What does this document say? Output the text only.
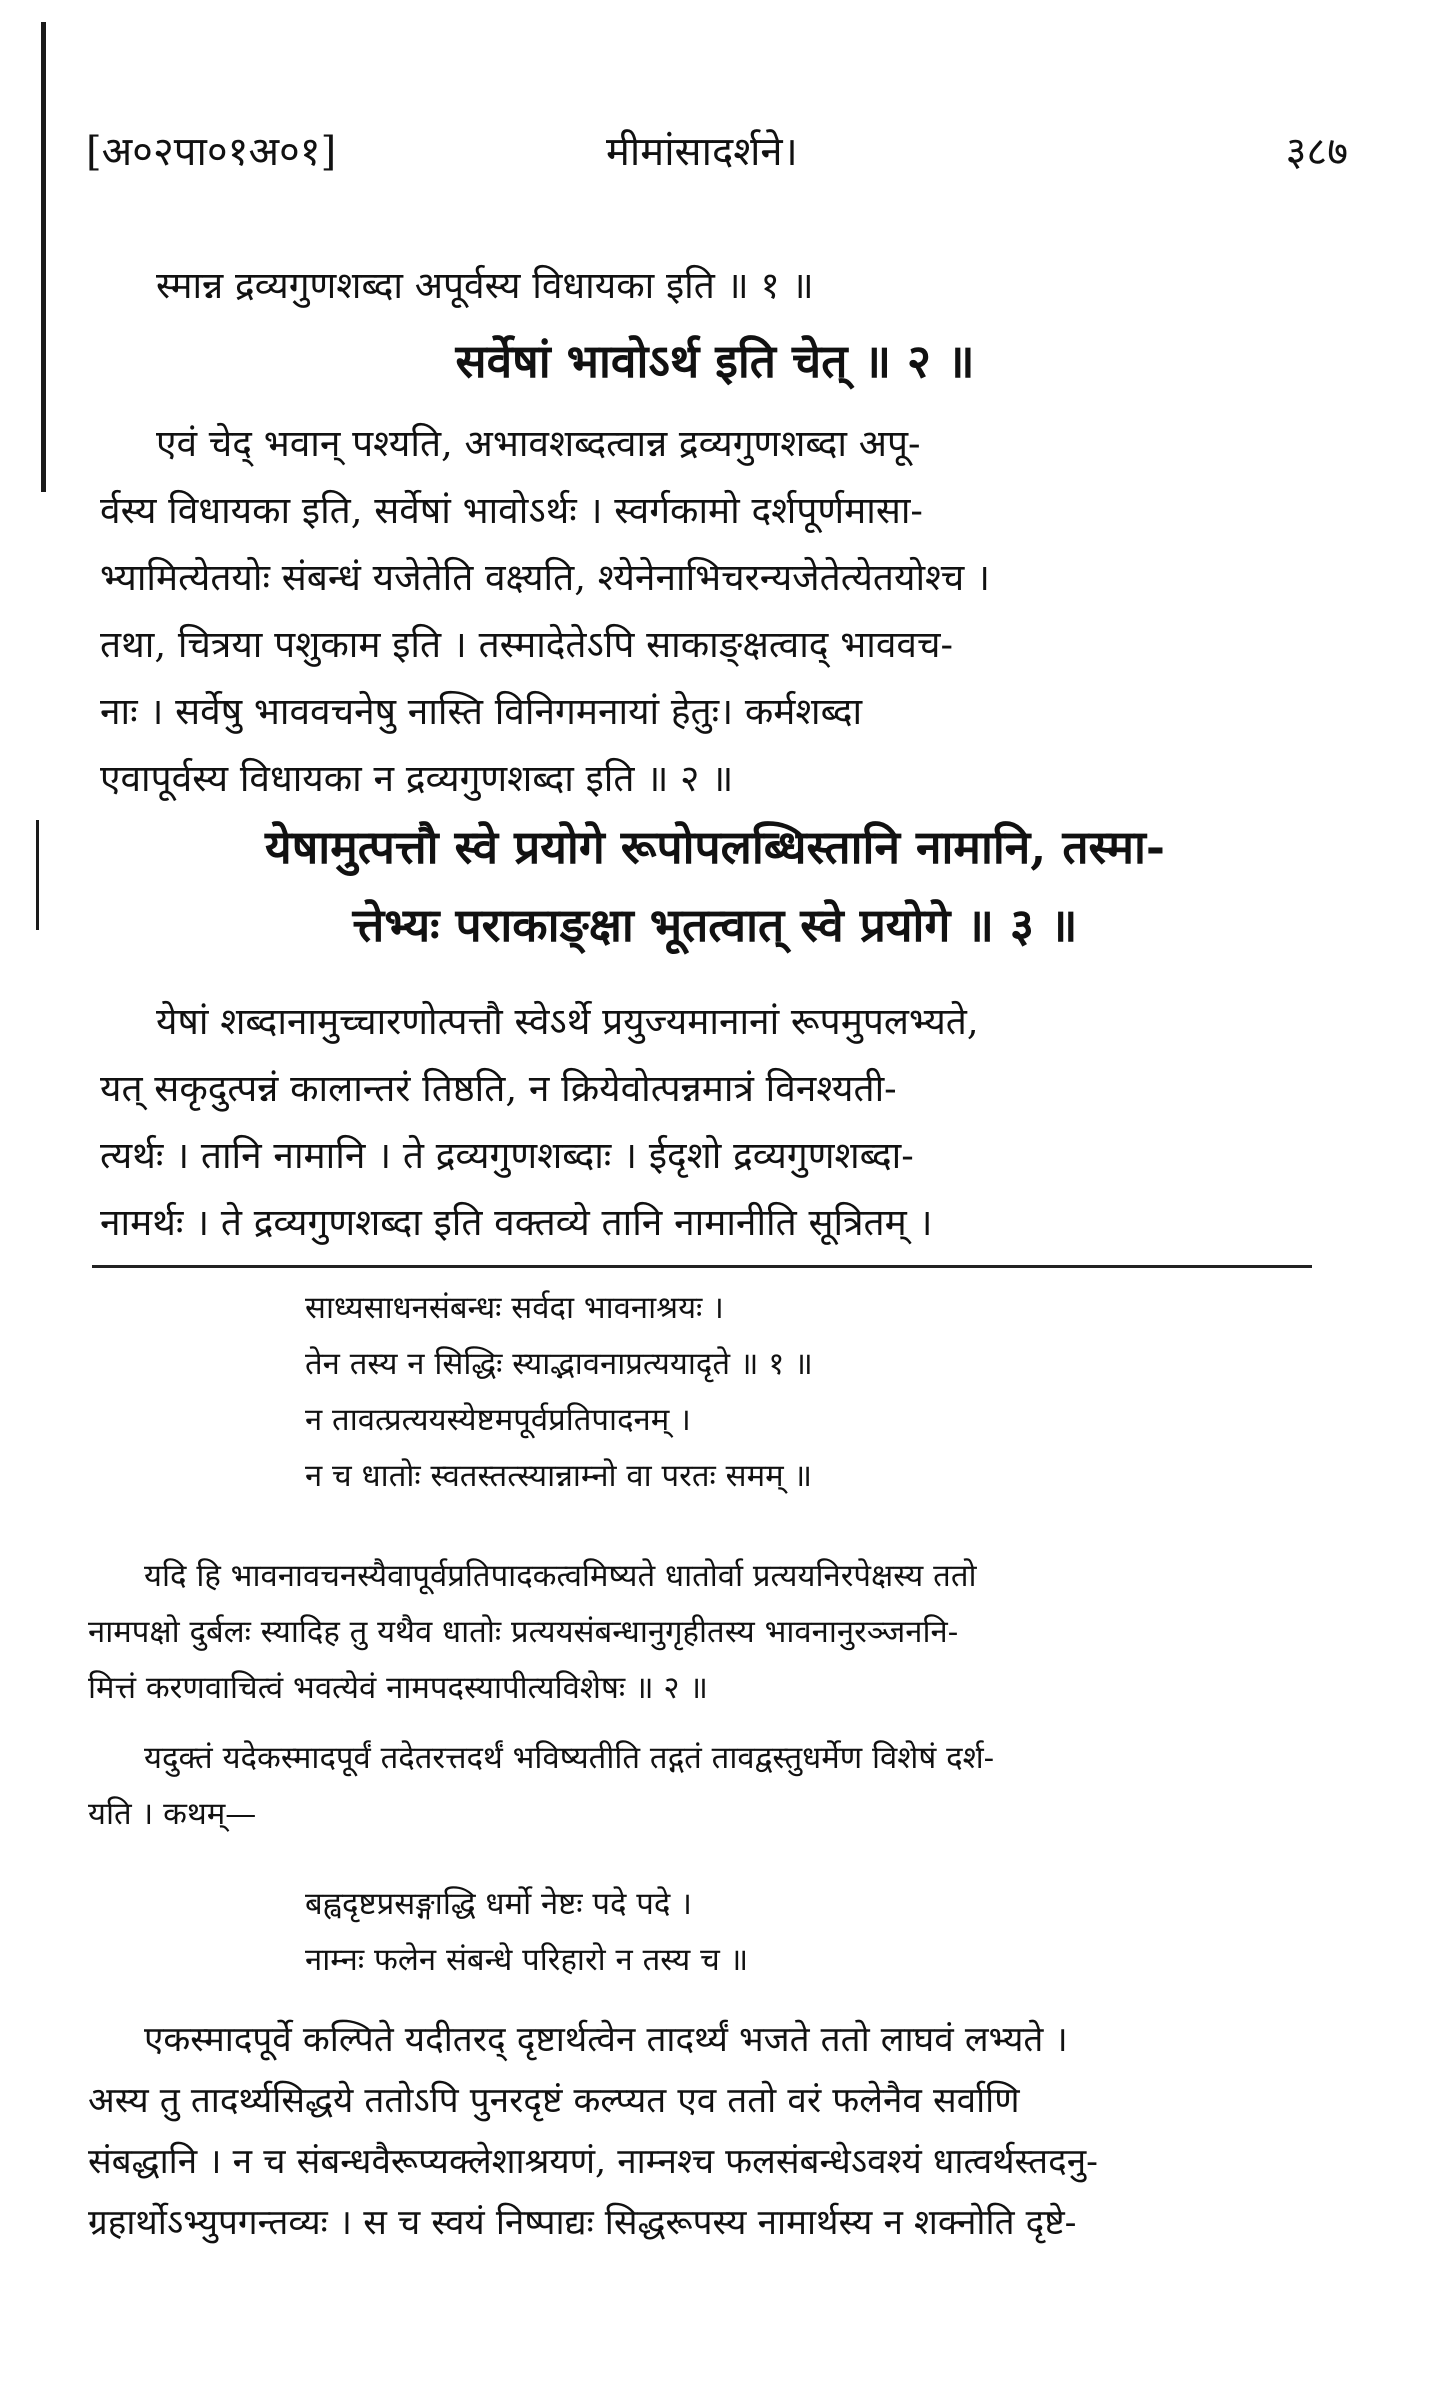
[अ०२पा०१अ०१]	मीमांसादर्शने।	३८७
स्मान्न द्रव्यगुणशब्दा अपूर्वस्य विधायका इति ॥ १ ॥
सर्वेषां भावोऽर्थ इति चेत् ॥ २ ॥
एवं चेद् भवान् पश्यति, अभावशब्दत्वान्न द्रव्यगुणशब्दा अपू-
र्वस्य विधायका इति, सर्वेषां भावोऽर्थः । स्वर्गकामो दर्शपूर्णमासा-
भ्यामित्येतयोः संबन्धं यजेतेति वक्ष्यति, श्येनेनाभिचरन्यजेतेत्येतयोश्च ।
तथा, चित्रया पशुकाम इति । तस्मादेतेऽपि साकाङ्क्षत्वाद् भाववच-
नाः । सर्वेषु भाववचनेषु नास्ति विनिगमनायां हेतुः। कर्मशब्दा
एवापूर्वस्य विधायका न द्रव्यगुणशब्दा इति ॥ २ ॥
येषामुत्पत्तौ स्वे प्रयोगे रूपोपलब्धिस्तानि नामानि, तस्मा-
त्तेभ्यः पराकाङ्क्षा भूतत्वात् स्वे प्रयोगे ॥ ३ ॥
येषां शब्दानामुच्चारणोत्पत्तौ स्वेऽर्थे प्रयुज्यमानानां रूपमुपलभ्यते,
यत् सकृदुत्पन्नं कालान्तरं तिष्ठति, न क्रियेवोत्पन्नमात्रं विनश्यती-
त्यर्थः । तानि नामानि । ते द्रव्यगुणशब्दाः । ईदृशो द्रव्यगुणशब्दा-
नामर्थः । ते द्रव्यगुणशब्दा इति वक्तव्ये तानि नामानीति सूत्रितम् ।
साध्यसाधनसंबन्धः सर्वदा भावनाश्रयः ।
तेन तस्य न सिद्धिः स्याद्भावनाप्रत्ययादृते ॥ १ ॥
न तावत्प्रत्ययस्येष्टमपूर्वप्रतिपादनम् ।
न च धातोः स्वतस्तत्स्यान्नाम्नो वा परतः समम् ॥
यदि हि भावनावचनस्यैवापूर्वप्रतिपादकत्वमिष्यते धातोर्वा प्रत्ययनिरपेक्षस्य ततो
नामपक्षो दुर्बलः स्यादिह तु यथैव धातोः प्रत्ययसंबन्धानुगृहीतस्य भावनानुरञ्जननि-
मित्तं करणवाचित्वं भवत्येवं नामपदस्यापीत्यविशेषः ॥ २ ॥
यदुक्तं यदेकस्मादपूर्वं तदेतरत्तदर्थं भविष्यतीति तद्गतं तावद्वस्तुधर्मेण विशेषं दर्श-
यति । कथम्—
बह्वदृष्टप्रसङ्गाद्धि धर्मो नेष्टः पदे पदे ।
नाम्नः फलेन संबन्धे परिहारो न तस्य च ॥
एकस्मादपूर्वे कल्पिते यदीतरद् दृष्टार्थत्वेन तादर्थ्यं भजते ततो लाघवं लभ्यते ।
अस्य तु तादर्थ्यसिद्धये ततोऽपि पुनरदृष्टं कल्प्यत एव ततो वरं फलेनैव सर्वाणि
संबद्धानि । न च संबन्धवैरूप्यक्लेशाश्रयणं, नाम्नश्च फलसंबन्धेऽवश्यं धात्वर्थस्तदनु-
ग्रहार्थोऽभ्युपगन्तव्यः । स च स्वयं निष्पाद्यः सिद्धरूपस्य नामार्थस्य न शक्नोति दृष्टे-
